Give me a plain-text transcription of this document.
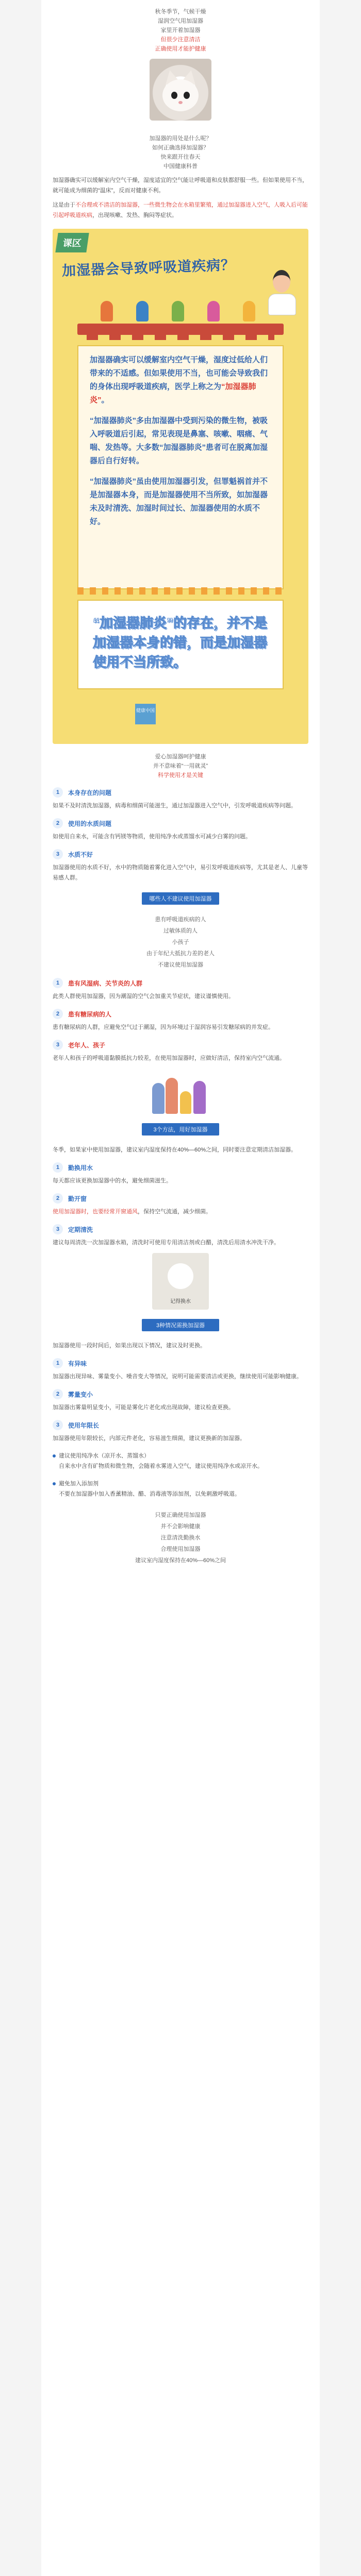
秋冬季节，气候干燥
湿润空气用加湿器
家里开着加湿器
但很少注意清洁
正确使用才能护健康
加湿器的用处是什么呢？
如何正确选择加湿器？
快来跟开往春天
中国健康科普

加湿器确实可以缓解室内空气干燥，湿度适宜的空气能让呼吸道和皮肤都舒服一些。但如果使用不当，就可能成为细菌的“温床”，反而对健康不利。

这是由于不合理或不清洁的加湿器，一些微生物会在水箱里繁殖，通过加湿器进入空气，人吸入后可能引起呼吸道疾病，出现咳嗽、发热、胸闷等症状。

课区
加湿器会导致呼吸道疾病？

加湿器确实可以缓解室内空气干燥，湿度过低给人们带来的不适感。但如果使用不当，也可能会导致我们的身体出现呼吸道疾病，医学上称之为“加湿器肺炎”。

“加湿器肺炎”多由加湿器中受到污染的微生物，被吸入呼吸道后引起，常见表现是鼻塞、咳嗽、咽痛、气喘、发热等。大多数“加湿器肺炎”患者可在脱离加湿器后自行好转。

“加湿器肺炎”虽由使用加湿器引发，但罪魁祸首并不是加湿器本身，而是加湿器使用不当所致，如加湿器未及时清洗、加湿时间过长、加湿器使用的水质不好。

“加湿器肺炎”的存在，并不是加湿器本身的错，而是加湿器使用不当所致。

健康中国
爱心加湿器呵护健康
并不意味着“一用就灵”
科学使用才是关键
1	本身存在的问题
如果不及时清洗加湿器，病毒和细菌可能滋生，通过加湿器进入空气中，引发呼吸道疾病等问题。
2	使用的水质问题
如使用自来水，可能含有钙镁等物质，使用纯净水或蒸馏水可减少白雾的问题。
3	水质不好
加湿器使用的水质不好，水中的物质随着雾化进入空气中，易引发呼吸道疾病等，尤其是老人、儿童等易感人群。
哪些人不建议使用加湿器
患有呼吸道疾病的人
过敏体质的人
小孩子
由于年纪大抵抗力差的老人
不建议使用加湿器
1	患有风湿病、关节炎的人群
此类人群使用加湿器，因为潮湿的空气会加重关节症状，建议谨慎使用。
2	患有糖尿病的人
患有糖尿病的人群，应避免空气过于潮湿，因为环境过于湿润容易引发糖尿病的并发症。
3	老年人、孩子
老年人和孩子的呼吸道黏膜抵抗力较差，在使用加湿器时，应做好清洁，保持室内空气流通。
3个方法，用好加湿器

冬季，如果家中使用加湿器，建议室内湿度保持在40%—60%之间，同时要注意定期清洁加湿器。

1	勤换用水
每天都应该更换加湿器中的水，避免细菌滋生。
2	勤开窗
使用加湿器时，也要经常开窗通风，保持空气流通，减少细菌。
3	定期清洗
建议每周清洗一次加湿器水箱，清洗时可使用专用清洁剂或白醋，清洗后用清水冲洗干净。
记得换水
3种情况需换加湿器

加湿器使用一段时间后，如果出现以下情况，建议及时更换。

1	有异味
加湿器出现异味、雾量变小、噪音变大等情况，说明可能需要清洁或更换，继续使用可能影响健康。
2	雾量变小
加湿器出雾量明显变小，可能是雾化片老化或出现故障，建议检查更换。
3	使用年限长
加湿器使用年限较长，内部元件老化，容易滋生细菌，建议更换新的加湿器。
建议使用纯净水（凉开水、蒸馏水）
自来水中含有矿物质和微生物，会随着水雾进入空气，建议使用纯净水或凉开水。
避免加入添加剂
不要在加湿器中加入香薰精油、醋、消毒液等添加剂，以免刺激呼吸道。
只要正确使用加湿器
并不会影响健康
注意清洗勤换水
合理使用加湿器
建议室内湿度保持在40%—60%之间
